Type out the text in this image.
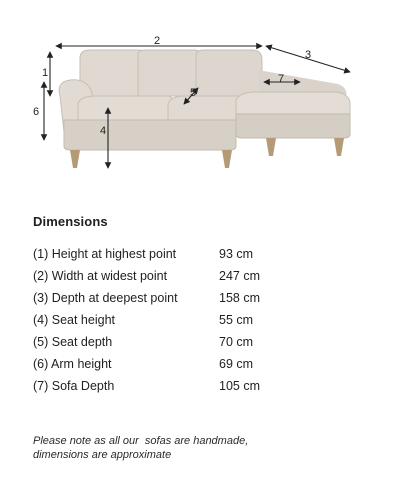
2
3
1
6
4
5
7
Dimensions
(1) Height at highest point	93 cm
(2) Width at widest point	247 cm
(3) Depth at deepest point	158 cm
(4) Seat height	55 cm
(5) Seat depth	70 cm
(6) Arm height	69 cm
(7) Sofa Depth	105 cm
Please note as all our  sofas are handmade,
dimensions are approximate
